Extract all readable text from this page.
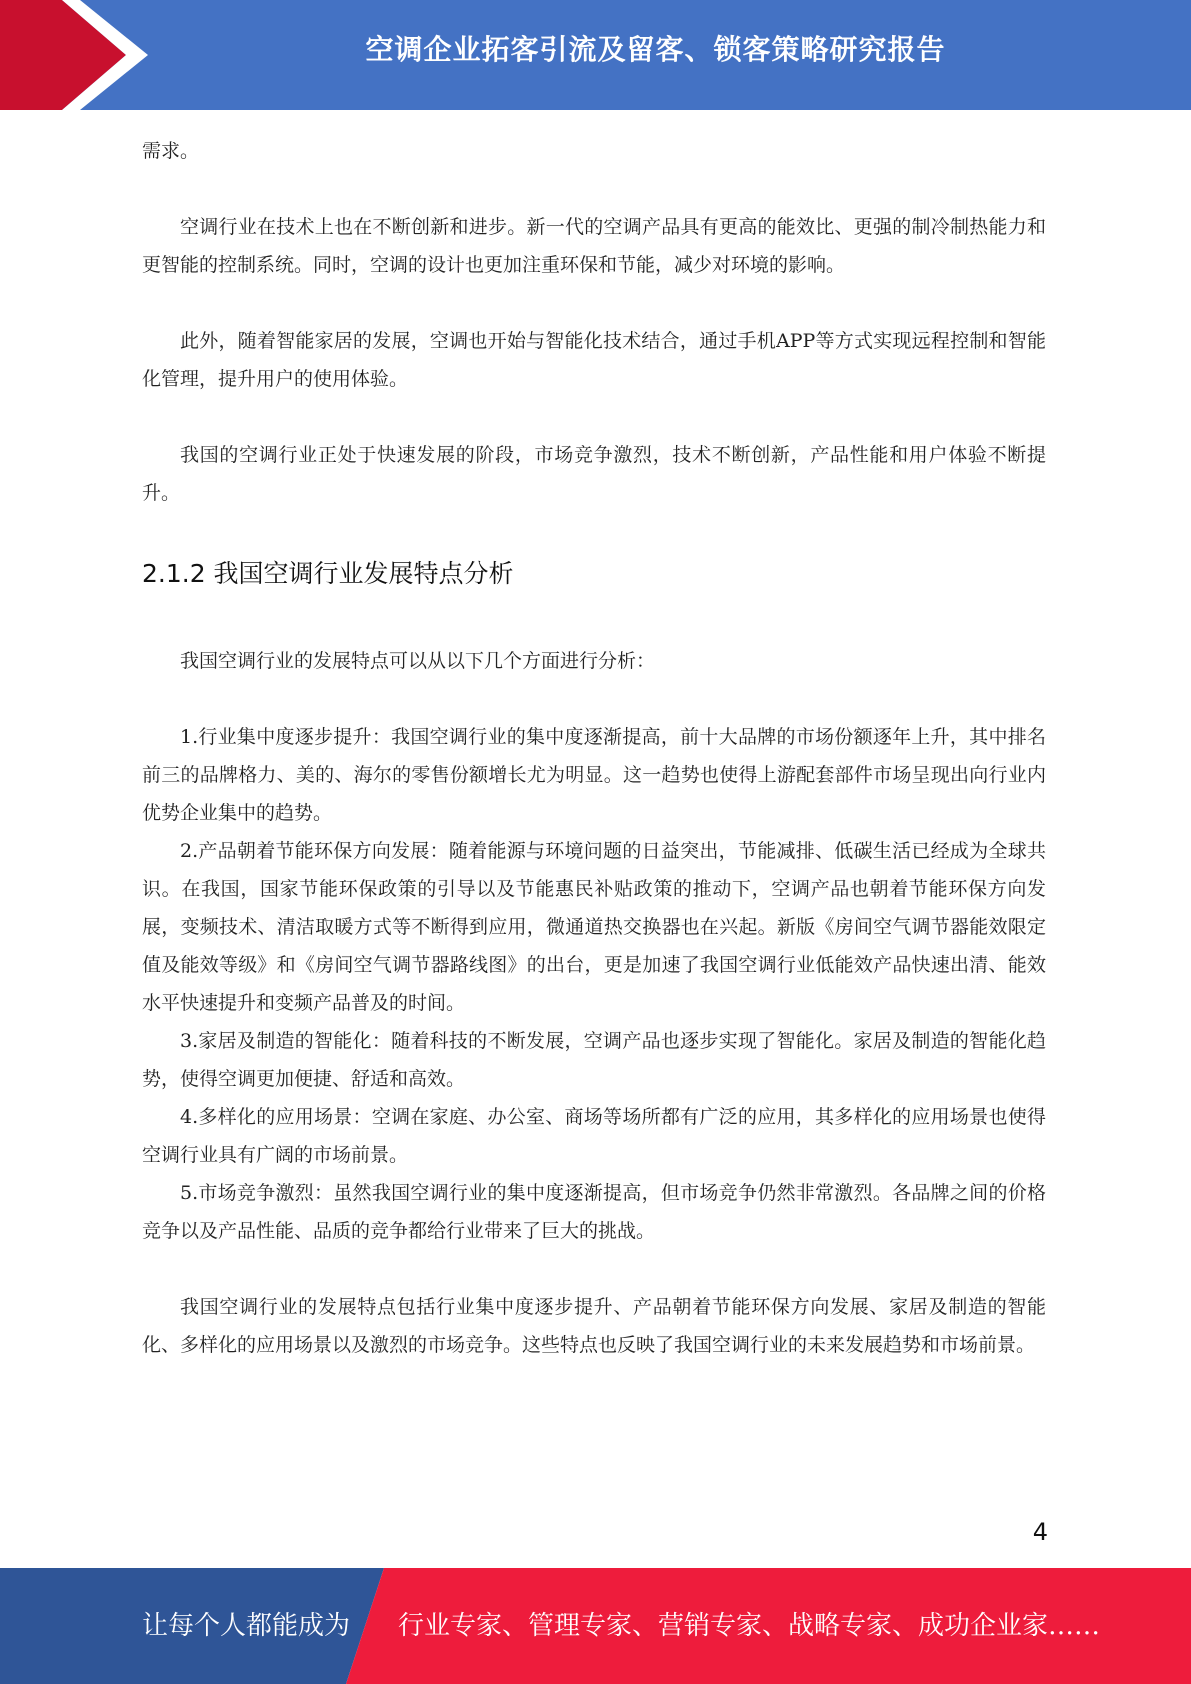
空调企业拓客引流及留客、锁客策略研究报告

需求。

空调行业在技术上也在不断创新和进步。新一代的空调产品具有更高的能效比、更强的制冷制热能力和更智能的控制系统。同时，空调的设计也更加注重环保和节能，减少对环境的影响。

此外，随着智能家居的发展，空调也开始与智能化技术结合，通过手机APP等方式实现远程控制和智能化管理，提升用户的使用体验。

我国的空调行业正处于快速发展的阶段，市场竞争激烈，技术不断创新，产品性能和用户体验不断提升。

2.1.2 我国空调行业发展特点分析

我国空调行业的发展特点可以从以下几个方面进行分析：

1.行业集中度逐步提升：我国空调行业的集中度逐渐提高，前十大品牌的市场份额逐年上升，其中排名前三的品牌格力、美的、海尔的零售份额增长尤为明显。这一趋势也使得上游配套部件市场呈现出向行业内优势企业集中的趋势。

2.产品朝着节能环保方向发展：随着能源与环境问题的日益突出，节能减排、低碳生活已经成为全球共识。在我国，国家节能环保政策的引导以及节能惠民补贴政策的推动下，空调产品也朝着节能环保方向发展，变频技术、清洁取暖方式等不断得到应用，微通道热交换器也在兴起。新版《房间空气调节器能效限定值及能效等级》和《房间空气调节器路线图》的出台，更是加速了我国空调行业低能效产品快速出清、能效水平快速提升和变频产品普及的时间。

3.家居及制造的智能化：随着科技的不断发展，空调产品也逐步实现了智能化。家居及制造的智能化趋势，使得空调更加便捷、舒适和高效。

4.多样化的应用场景：空调在家庭、办公室、商场等场所都有广泛的应用，其多样化的应用场景也使得空调行业具有广阔的市场前景。

5.市场竞争激烈：虽然我国空调行业的集中度逐渐提高，但市场竞争仍然非常激烈。各品牌之间的价格竞争以及产品性能、品质的竞争都给行业带来了巨大的挑战。

我国空调行业的发展特点包括行业集中度逐步提升、产品朝着节能环保方向发展、家居及制造的智能化、多样化的应用场景以及激烈的市场竞争。这些特点也反映了我国空调行业的未来发展趋势和市场前景。

4
让每个人都能成为 行业专家、管理专家、营销专家、战略专家、成功企业家……
